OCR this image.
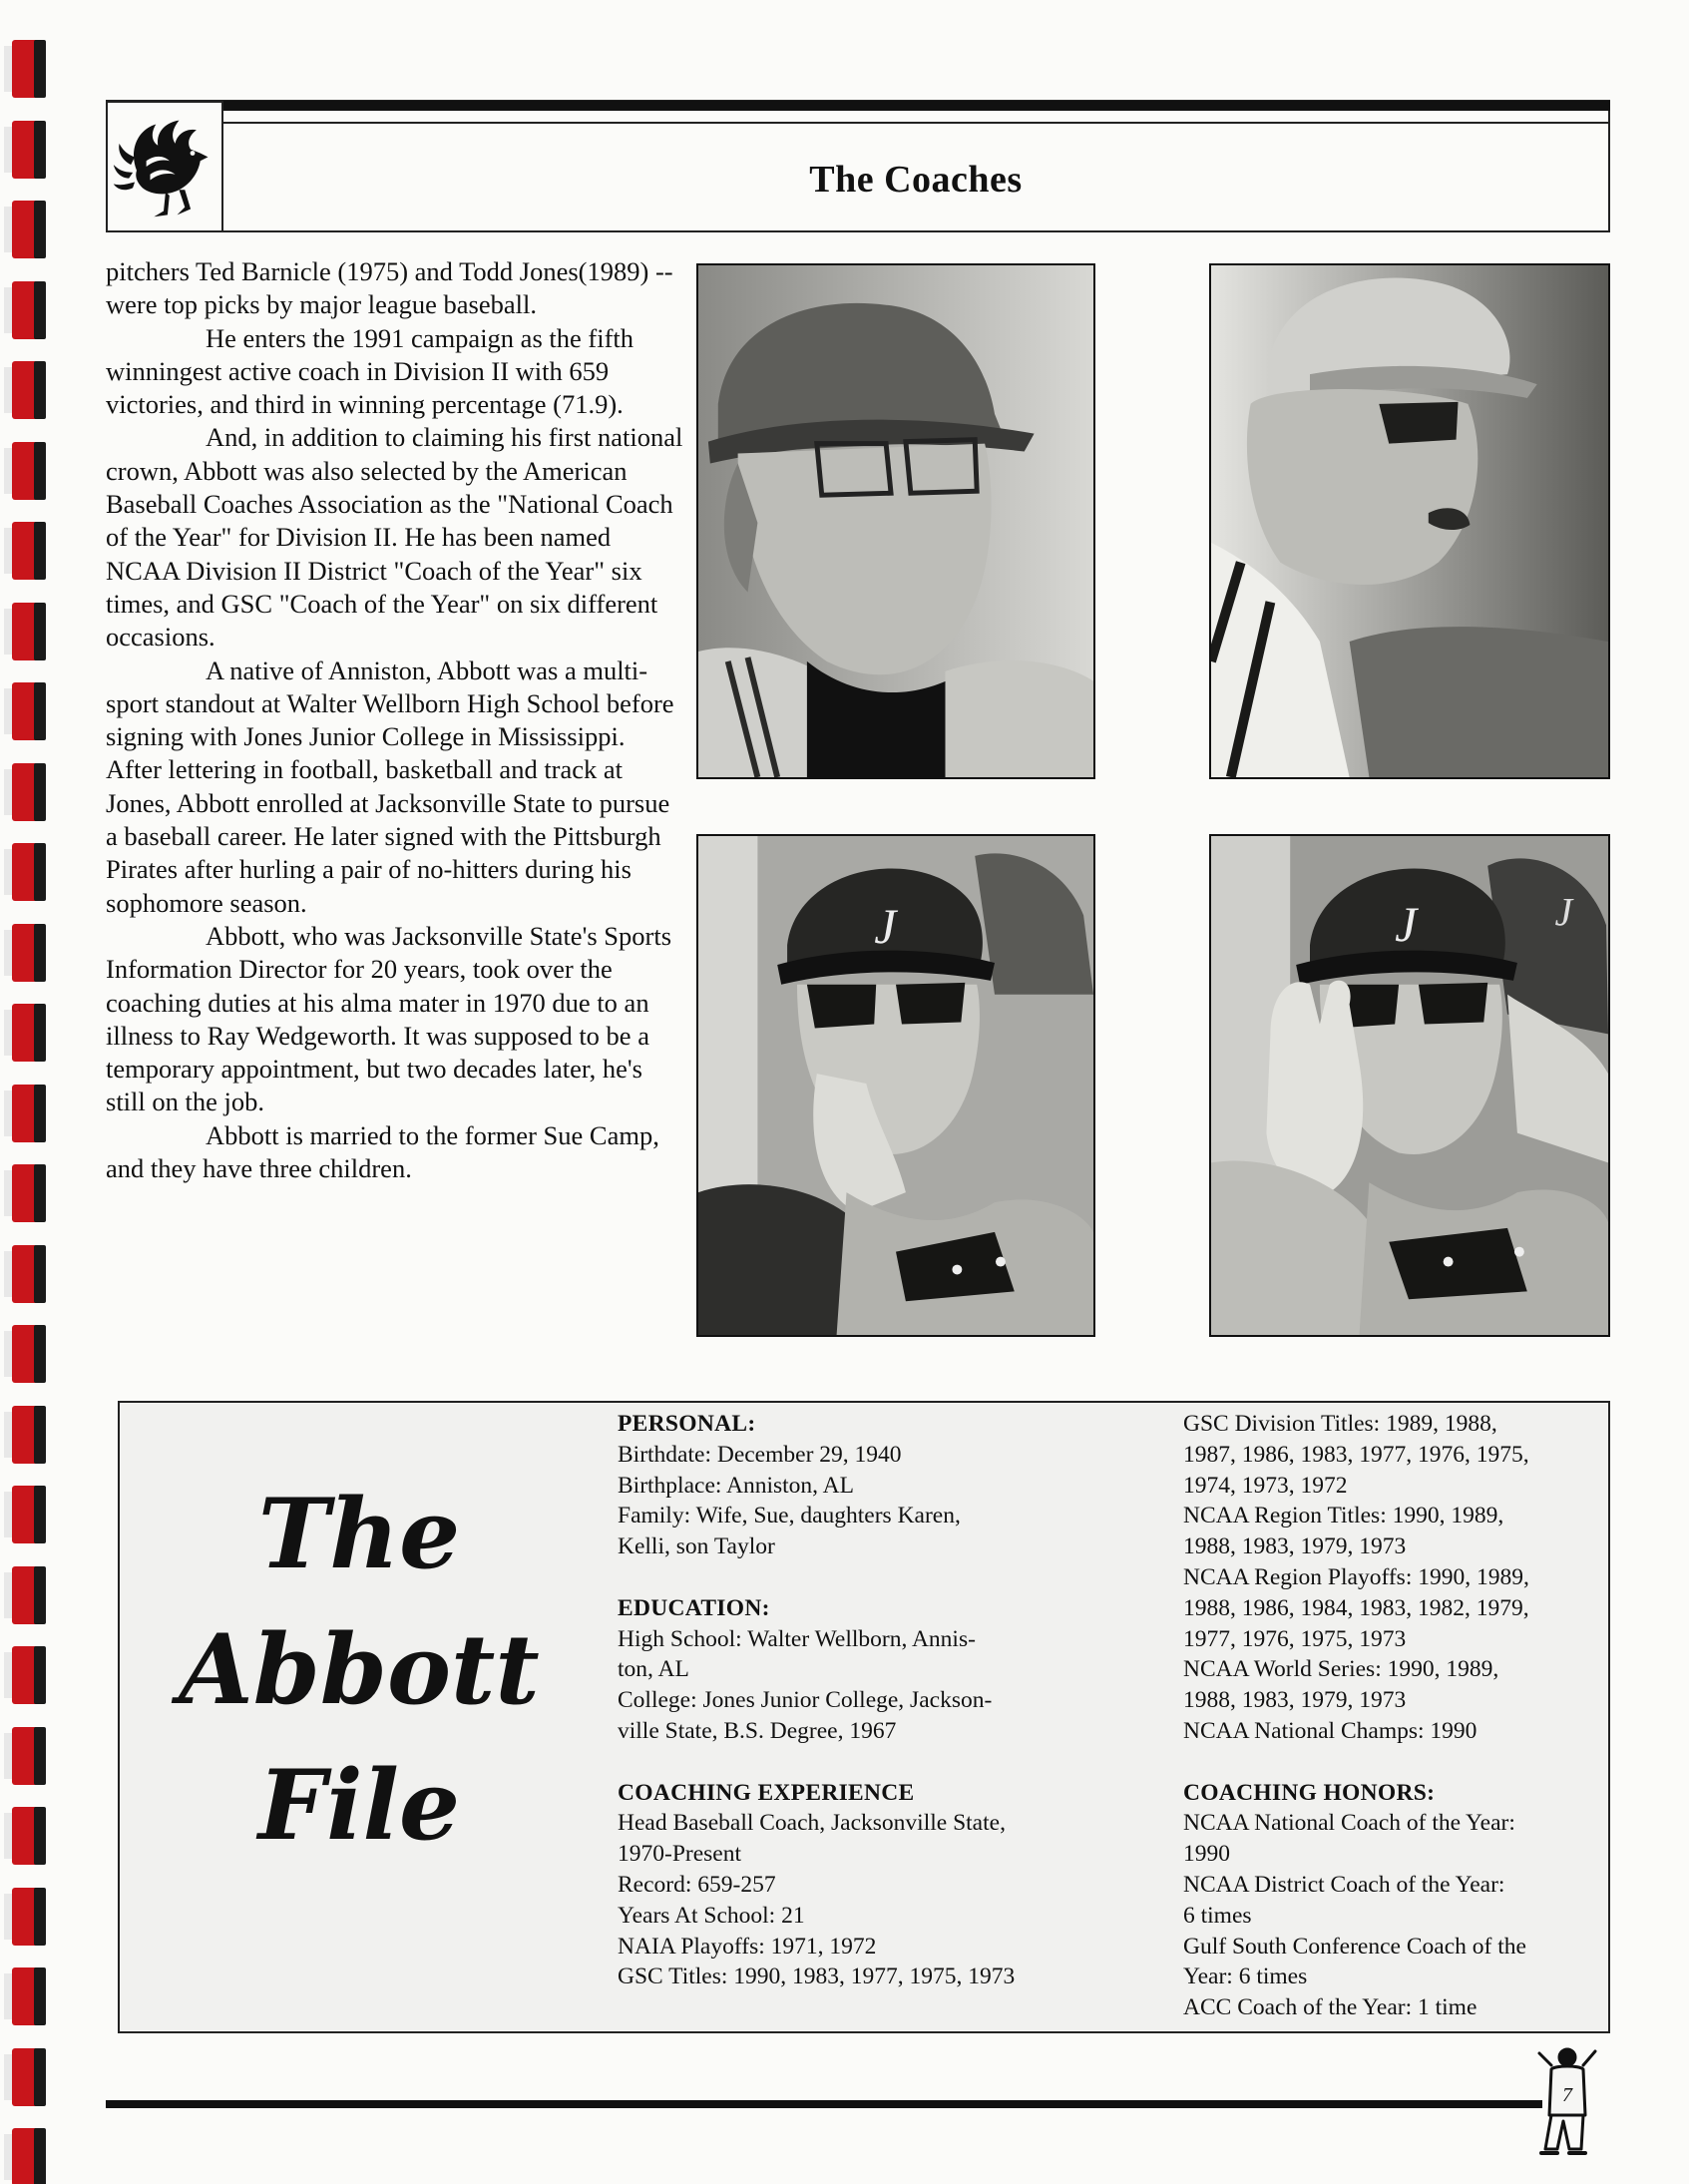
The Coaches

pitchers Ted Barnicle (1975) and Todd Jones(1989) -- were top picks by major league baseball.

He enters the 1991 campaign as the fifth winningest active coach in Division II with 659 victories, and third in winning percentage (71.9).

And, in addition to claiming his first national crown, Abbott was also selected by the American Baseball Coaches Association as the "National Coach of the Year" for Division II. He has been named NCAA Division II District "Coach of the Year" six times, and GSC "Coach of the Year" on six different occasions.

A native of Anniston, Abbott was a multi-sport standout at Walter Wellborn High School before signing with Jones Junior College in Mississippi. After lettering in football, basketball and track at Jones, Abbott enrolled at Jacksonville State to pursue a baseball career. He later signed with the Pittsburgh Pirates after hurling a pair of no-hitters during his sophomore season.

Abbott, who was Jacksonville State's Sports Information Director for 20 years, took over the coaching duties at his alma mater in 1970 due to an illness to Ray Wedgeworth. It was supposed to be a temporary appointment, but two decades later, he's still on the job.

Abbott is married to the former Sue Camp, and they have three children.

J	J
J
The
Abbott
File
PERSONAL:
Birthdate: December 29, 1940
Birthplace: Anniston, AL
Family: Wife, Sue, daughters Karen,
Kelli, son Taylor
EDUCATION:
High School: Walter Wellborn, Annis-
ton, AL
College: Jones Junior College, Jackson-
ville State, B.S. Degree, 1967
COACHING EXPERIENCE
Head Baseball Coach, Jacksonville State,
1970-Present
Record: 659-257
Years At School: 21
NAIA Playoffs: 1971, 1972
GSC Titles: 1990, 1983, 1977, 1975, 1973
GSC Division Titles: 1989, 1988,
1987, 1986, 1983, 1977, 1976, 1975,
1974, 1973, 1972
NCAA Region Titles: 1990, 1989,
1988, 1983, 1979, 1973
NCAA Region Playoffs: 1990, 1989,
1988, 1986, 1984, 1983, 1982, 1979,
1977, 1976, 1975, 1973
NCAA World Series: 1990, 1989,
1988, 1983, 1979, 1973
NCAA National Champs: 1990
COACHING HONORS:
NCAA National Coach of the Year:
1990
NCAA District Coach of the Year:
6 times
Gulf South Conference Coach of the
Year: 6 times
ACC Coach of the Year: 1 time
7
